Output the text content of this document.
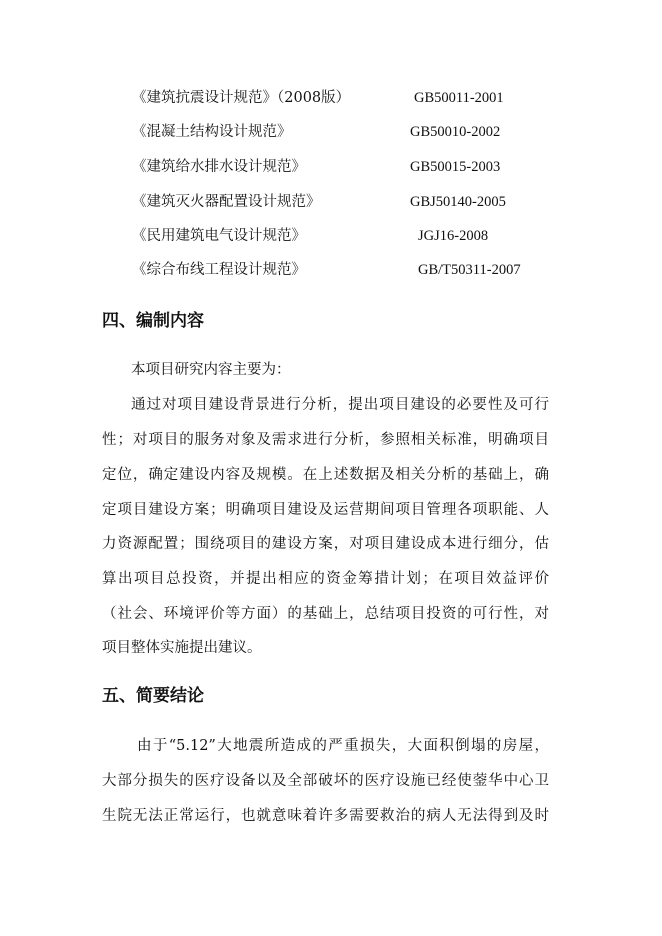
《建筑抗震设计规范》（2008版）	GB50011-2001
《混凝土结构设计规范》	GB50010-2002
《建筑给水排水设计规范》	GB50015-2003
《建筑灭火器配置设计规范》	GBJ50140-2005
《民用建筑电气设计规范》	JGJ16-2008
《综合布线工程设计规范》	GB/T50311-2007
四、编制内容
本项目研究内容主要为：
通过对项目建设背景进行分析，提出项目建设的必要性及可行
性；对项目的服务对象及需求进行分析，参照相关标准，明确项目
定位，确定建设内容及规模。在上述数据及相关分析的基础上，确
定项目建设方案；明确项目建设及运营期间项目管理各项职能、人
力资源配置；围绕项目的建设方案，对项目建设成本进行细分，估
算出项目总投资，并提出相应的资金筹措计划；在项目效益评价
（社会、环境评价等方面）的基础上，总结项目投资的可行性，对
项目整体实施提出建议。
五、简要结论
由于“5.12”大地震所造成的严重损失，大面积倒塌的房屋，
大部分损失的医疗设备以及全部破坏的医疗设施已经使蓥华中心卫
生院无法正常运行，也就意味着许多需要救治的病人无法得到及时
